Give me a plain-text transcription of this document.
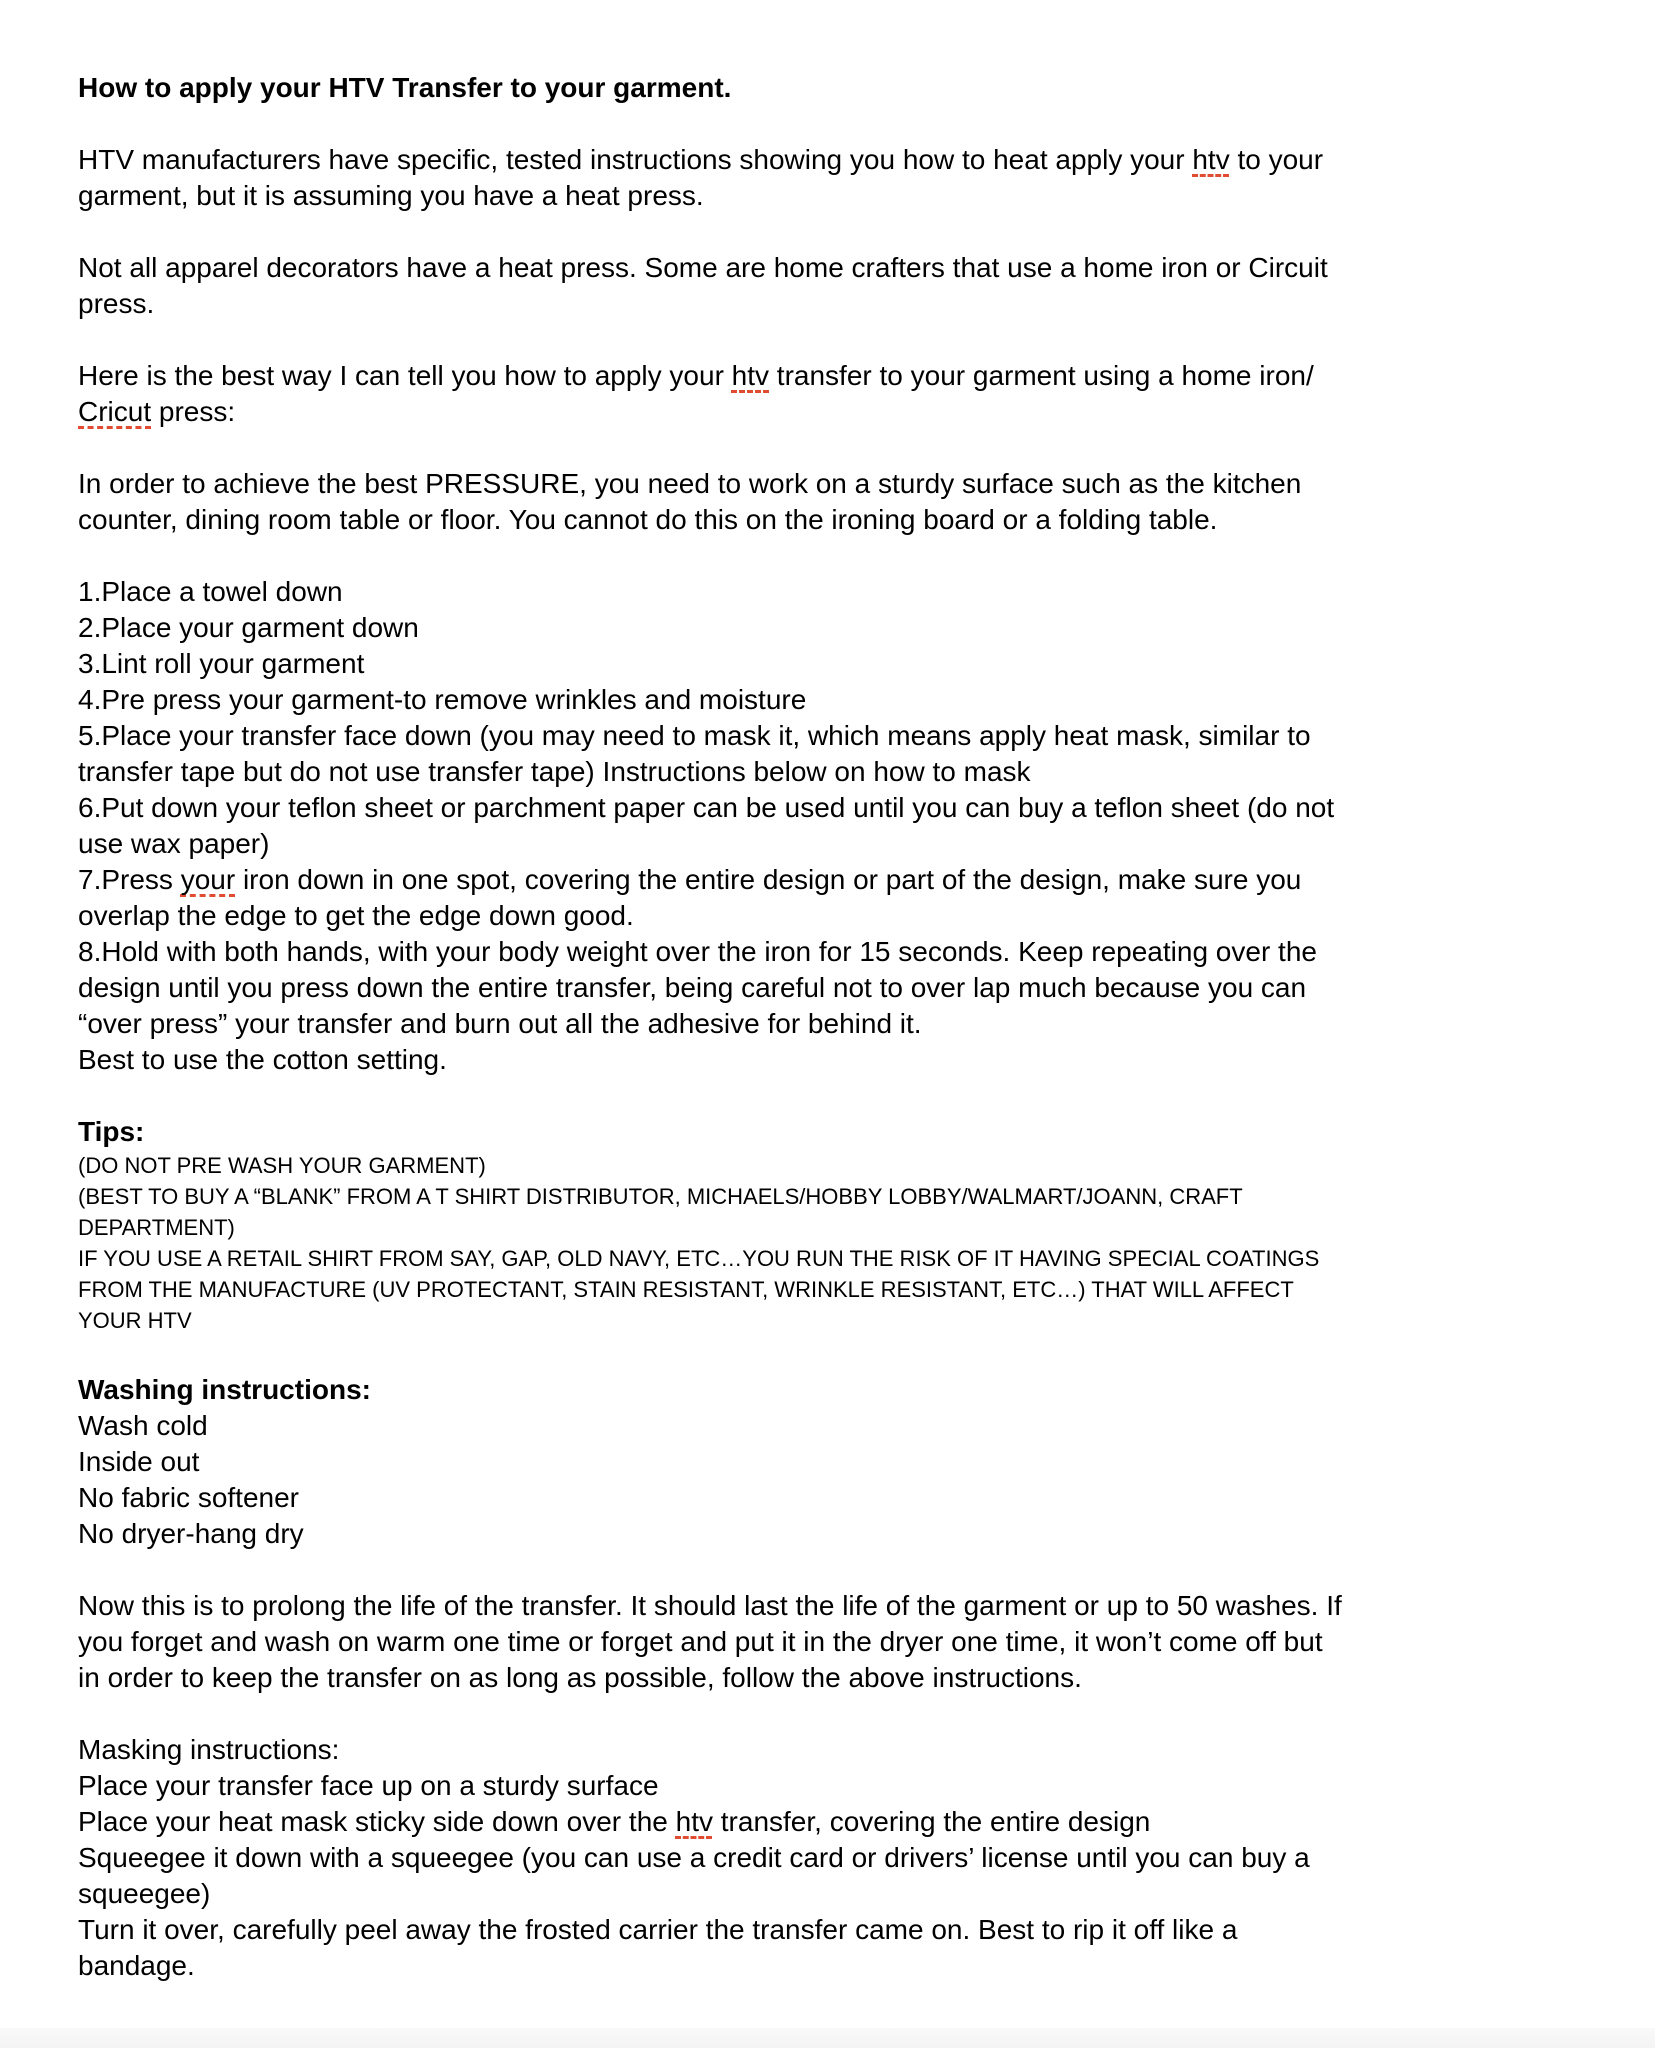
How to apply your HTV Transfer to your garment.
HTV manufacturers have specific, tested instructions showing you how to heat apply your htv to your
garment, but it is assuming you have a heat press.
Not all apparel decorators have a heat press. Some are home crafters that use a home iron or Circuit
press.
Here is the best way I can tell you how to apply your htv transfer to your garment using a home iron/
Cricut press:
In order to achieve the best PRESSURE, you need to work on a sturdy surface such as the kitchen
counter, dining room table or floor. You cannot do this on the ironing board or a folding table.
1.Place a towel down
2.Place your garment down
3.Lint roll your garment
4.Pre press your garment-to remove wrinkles and moisture
5.Place your transfer face down (you may need to mask it, which means apply heat mask, similar to
transfer tape but do not use transfer tape) Instructions below on how to mask
6.Put down your teflon sheet or parchment paper can be used until you can buy a teflon sheet (do not
use wax paper)
7.Press your iron down in one spot, covering the entire design or part of the design, make sure you
overlap the edge to get the edge down good.
8.Hold with both hands, with your body weight over the iron for 15 seconds. Keep repeating over the
design until you press down the entire transfer, being careful not to over lap much because you can
“over press” your transfer and burn out all the adhesive for behind it.
Best to use the cotton setting.
Tips:
(DO NOT PRE WASH YOUR GARMENT)
(BEST TO BUY A “BLANK” FROM A T SHIRT DISTRIBUTOR, MICHAELS/HOBBY LOBBY/WALMART/JOANN, CRAFT
DEPARTMENT)
IF YOU USE A RETAIL SHIRT FROM SAY, GAP, OLD NAVY, ETC…YOU RUN THE RISK OF IT HAVING SPECIAL COATINGS
FROM THE MANUFACTURE (UV PROTECTANT, STAIN RESISTANT, WRINKLE RESISTANT, ETC…) THAT WILL AFFECT
YOUR HTV
Washing instructions:
Wash cold
Inside out
No fabric softener
No dryer-hang dry
Now this is to prolong the life of the transfer. It should last the life of the garment or up to 50 washes. If
you forget and wash on warm one time or forget and put it in the dryer one time, it won’t come off but
in order to keep the transfer on as long as possible, follow the above instructions.
Masking instructions:
Place your transfer face up on a sturdy surface
Place your heat mask sticky side down over the htv transfer, covering the entire design
Squeegee it down with a squeegee (you can use a credit card or drivers’ license until you can buy a
squeegee)
Turn it over, carefully peel away the frosted carrier the transfer came on. Best to rip it off like a
bandage.
